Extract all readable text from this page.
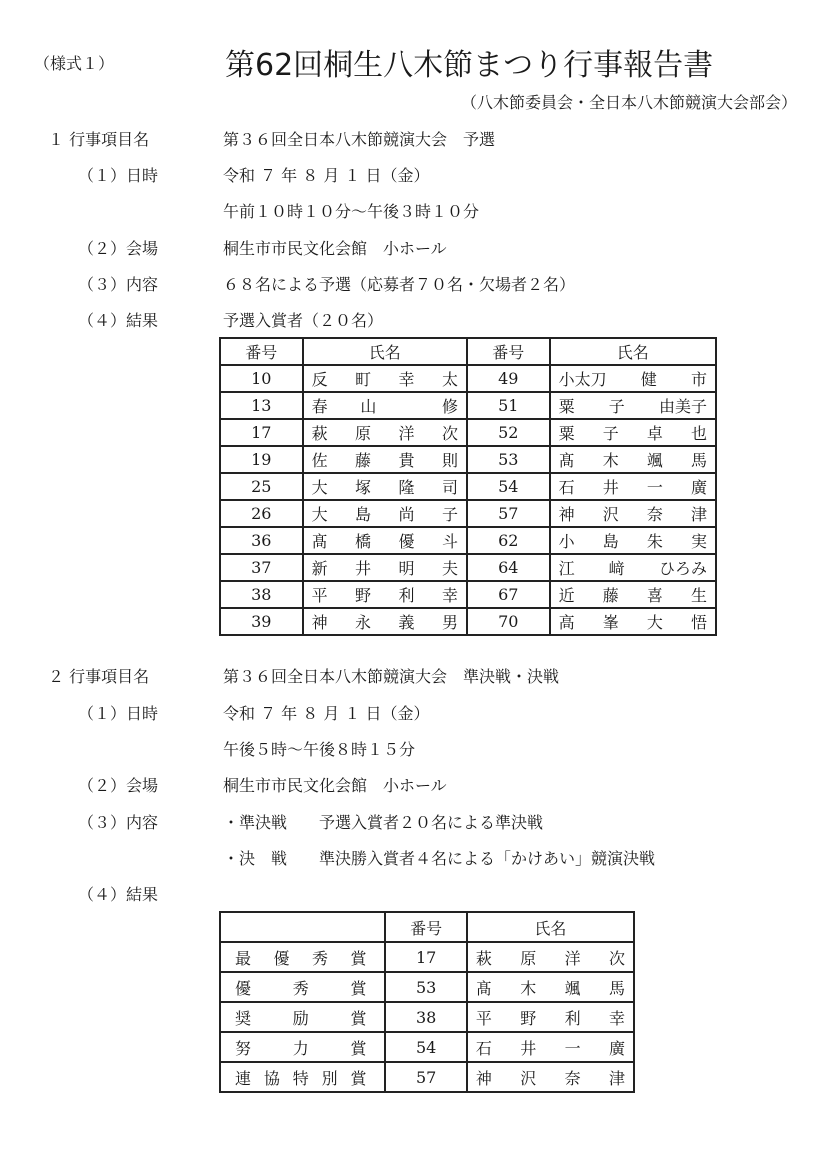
（様式１）	第62回桐生八木節まつり行事報告書
（八木節委員会・全日本八木節競演大会部会）
１ 行事項目名	第３６回全日本八木節競演大会　予選
（１）日時	令和 ７ 年 ８ 月 １ 日（金）
午前１０時１０分～午後３時１０分
（２）会場	桐生市市民文化会館　小ホール
（３）内容	６８名による予選（応募者７０名・欠場者２名）
（４）結果	予選入賞者（２０名）
番号	氏名	番号	氏名
10	反 町 幸 太	49	小太刀 健 市

13	春 山 修	51	粟 子 由美子

17	萩 原 洋 次	52	粟 子 卓 也

19	佐 藤 貴 則	53	髙 木 颯 馬

25	大 塚 隆 司	54	石 井 一 廣

26	大 島 尚 子	57	神 沢 奈 津

36	髙 橋 優 斗	62	小 島 朱 実

37	新 井 明 夫	64	江 﨑 ひろみ

38	平 野 利 幸	67	近 藤 喜 生

39	神 永 義 男	70	高 峯 大 悟
２ 行事項目名	第３６回全日本八木節競演大会　準決戦・決戦
（１）日時	令和 ７ 年 ８ 月 １ 日（金）
午後５時～午後８時１５分
（２）会場	桐生市市民文化会館　小ホール
（３）内容	・準決戦　　予選入賞者２０名による準決戦
・決　戦　　準決勝入賞者４名による「かけあい」競演決戦
（４）結果
	番号	氏名

最 優 秀 賞	17	萩 原 洋 次

優 秀 賞	53	髙 木 颯 馬

奨 励 賞	38	平 野 利 幸

努 力 賞	54	石 井 一 廣

連 協 特 別 賞	57	神 沢 奈 津
